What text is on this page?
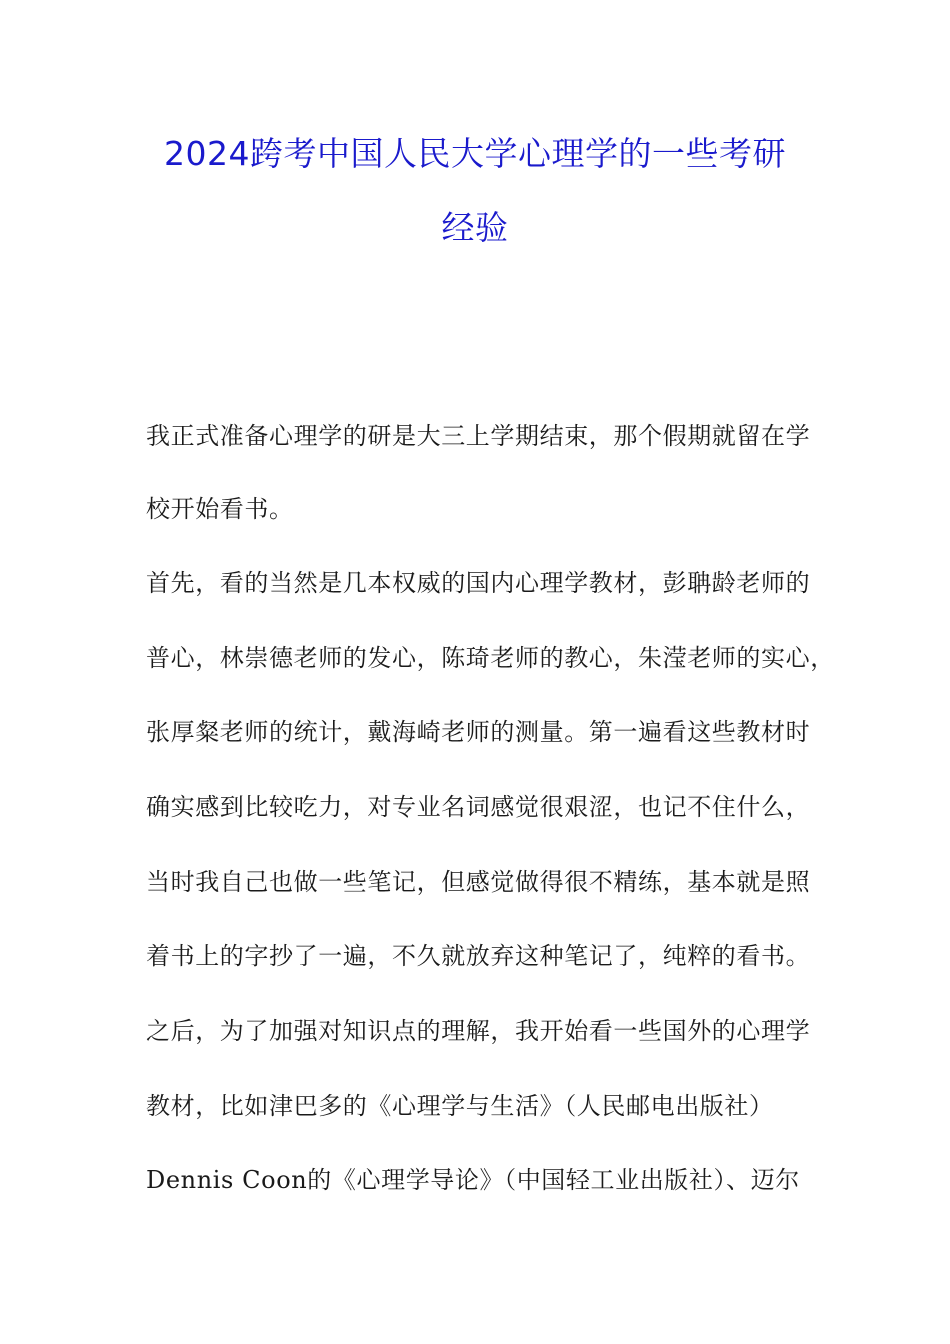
2024跨考中国人民大学心理学的一些考研
经验
我正式准备心理学的研是大三上学期结束，那个假期就留在学
校开始看书。
首先，看的当然是几本权威的国内心理学教材，彭聃龄老师的
普心，林崇德老师的发心，陈琦老师的教心，朱滢老师的实心，
张厚粲老师的统计，戴海崎老师的测量。第一遍看这些教材时
确实感到比较吃力，对专业名词感觉很艰涩，也记不住什么，
当时我自己也做一些笔记，但感觉做得很不精练，基本就是照
着书上的字抄了一遍，不久就放弃这种笔记了，纯粹的看书。
之后，为了加强对知识点的理解，我开始看一些国外的心理学
教材，比如津巴多的《心理学与生活》（人民邮电出版社）
Dennis Coon的《心理学导论》（中国轻工业出版社）、迈尔
